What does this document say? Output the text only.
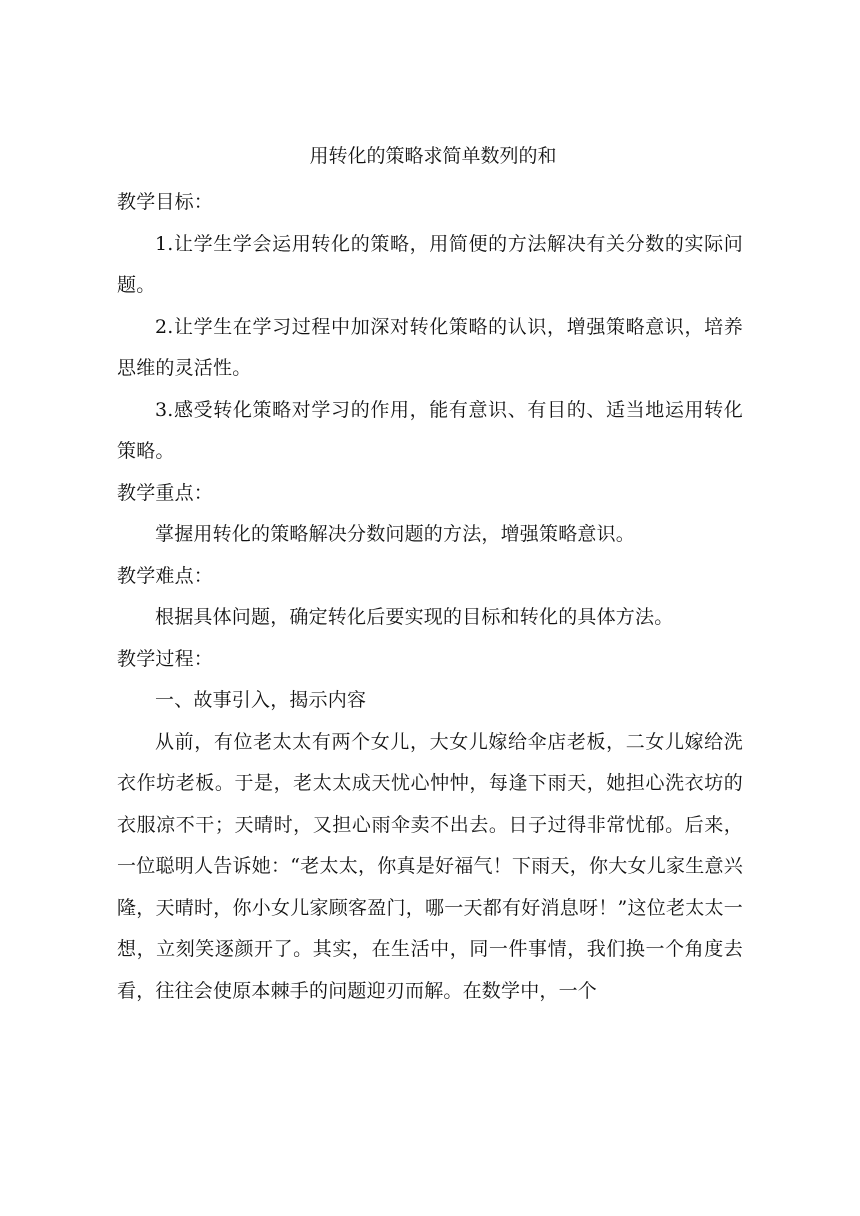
用转化的策略求简单数列的和

教学目标：

1.让学生学会运用转化的策略，用简便的方法解决有关分数的实际问题。

2.让学生在学习过程中加深对转化策略的认识，增强策略意识，培养思维的灵活性。

3.感受转化策略对学习的作用，能有意识、有目的、适当地运用转化策略。

教学重点：

掌握用转化的策略解决分数问题的方法，增强策略意识。

教学难点：

根据具体问题，确定转化后要实现的目标和转化的具体方法。

教学过程：

一、故事引入，揭示内容

从前，有位老太太有两个女儿，大女儿嫁给伞店老板，二女儿嫁给洗衣作坊老板。于是，老太太成天忧心忡忡，每逢下雨天，她担心洗衣坊的衣服凉不干；天晴时，又担心雨伞卖不出去。日子过得非常忧郁。后来，一位聪明人告诉她：“老太太，你真是好福气！下雨天，你大女儿家生意兴隆，天晴时，你小女儿家顾客盈门，哪一天都有好消息呀！”这位老太太一想，立刻笑逐颜开了。其实，在生活中，同一件事情，我们换一个角度去看，往往会使原本棘手的问题迎刃而解。在数学中，一个
